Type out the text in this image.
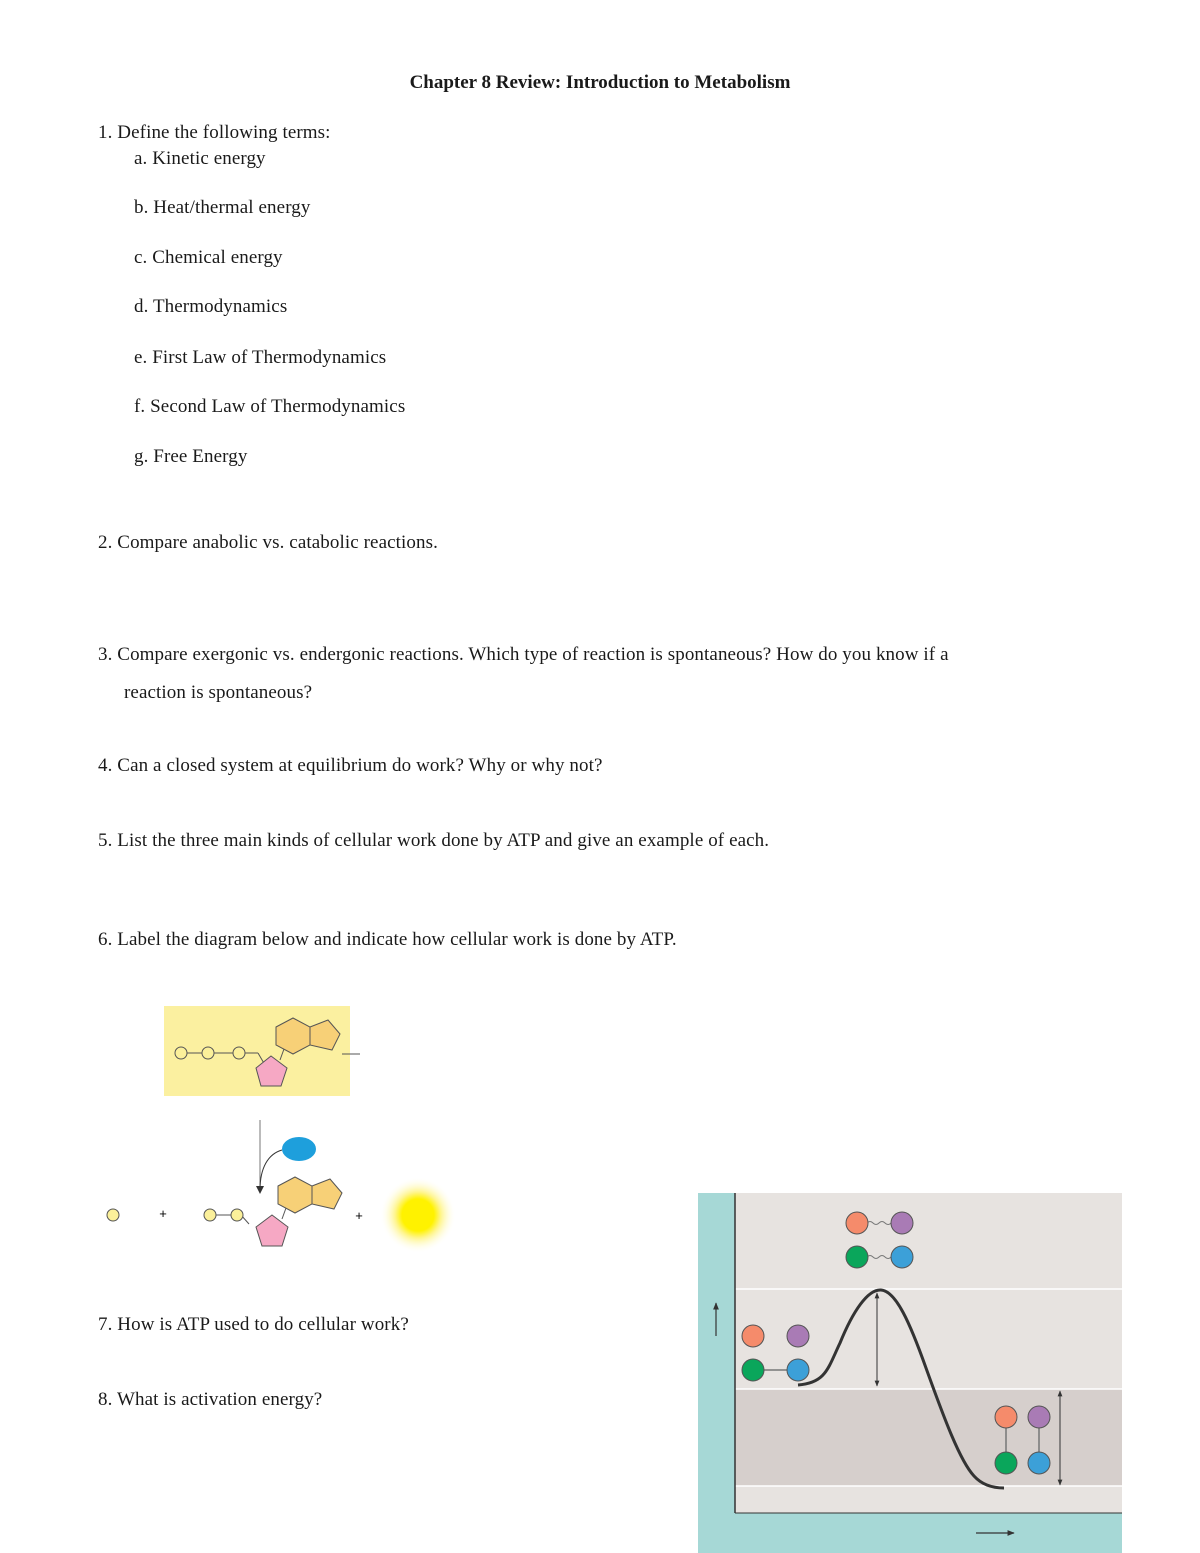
Chapter 8 Review: Introduction to Metabolism
1. Define the following terms:
a. Kinetic energy
b. Heat/thermal energy
c. Chemical energy
d. Thermodynamics
e. First Law of Thermodynamics
f. Second Law of Thermodynamics
g. Free Energy
2. Compare anabolic vs. catabolic reactions.
3. Compare exergonic vs. endergonic reactions. Which type of reaction is spontaneous? How do you know if a
reaction is spontaneous?
4. Can a closed system at equilibrium do work? Why or why not?
5. List the three main kinds of cellular work done by ATP and give an example of each.
6. Label the diagram below and indicate how cellular work is done by ATP.
7. How is ATP used to do cellular work?
8. What is activation energy?
+	+
